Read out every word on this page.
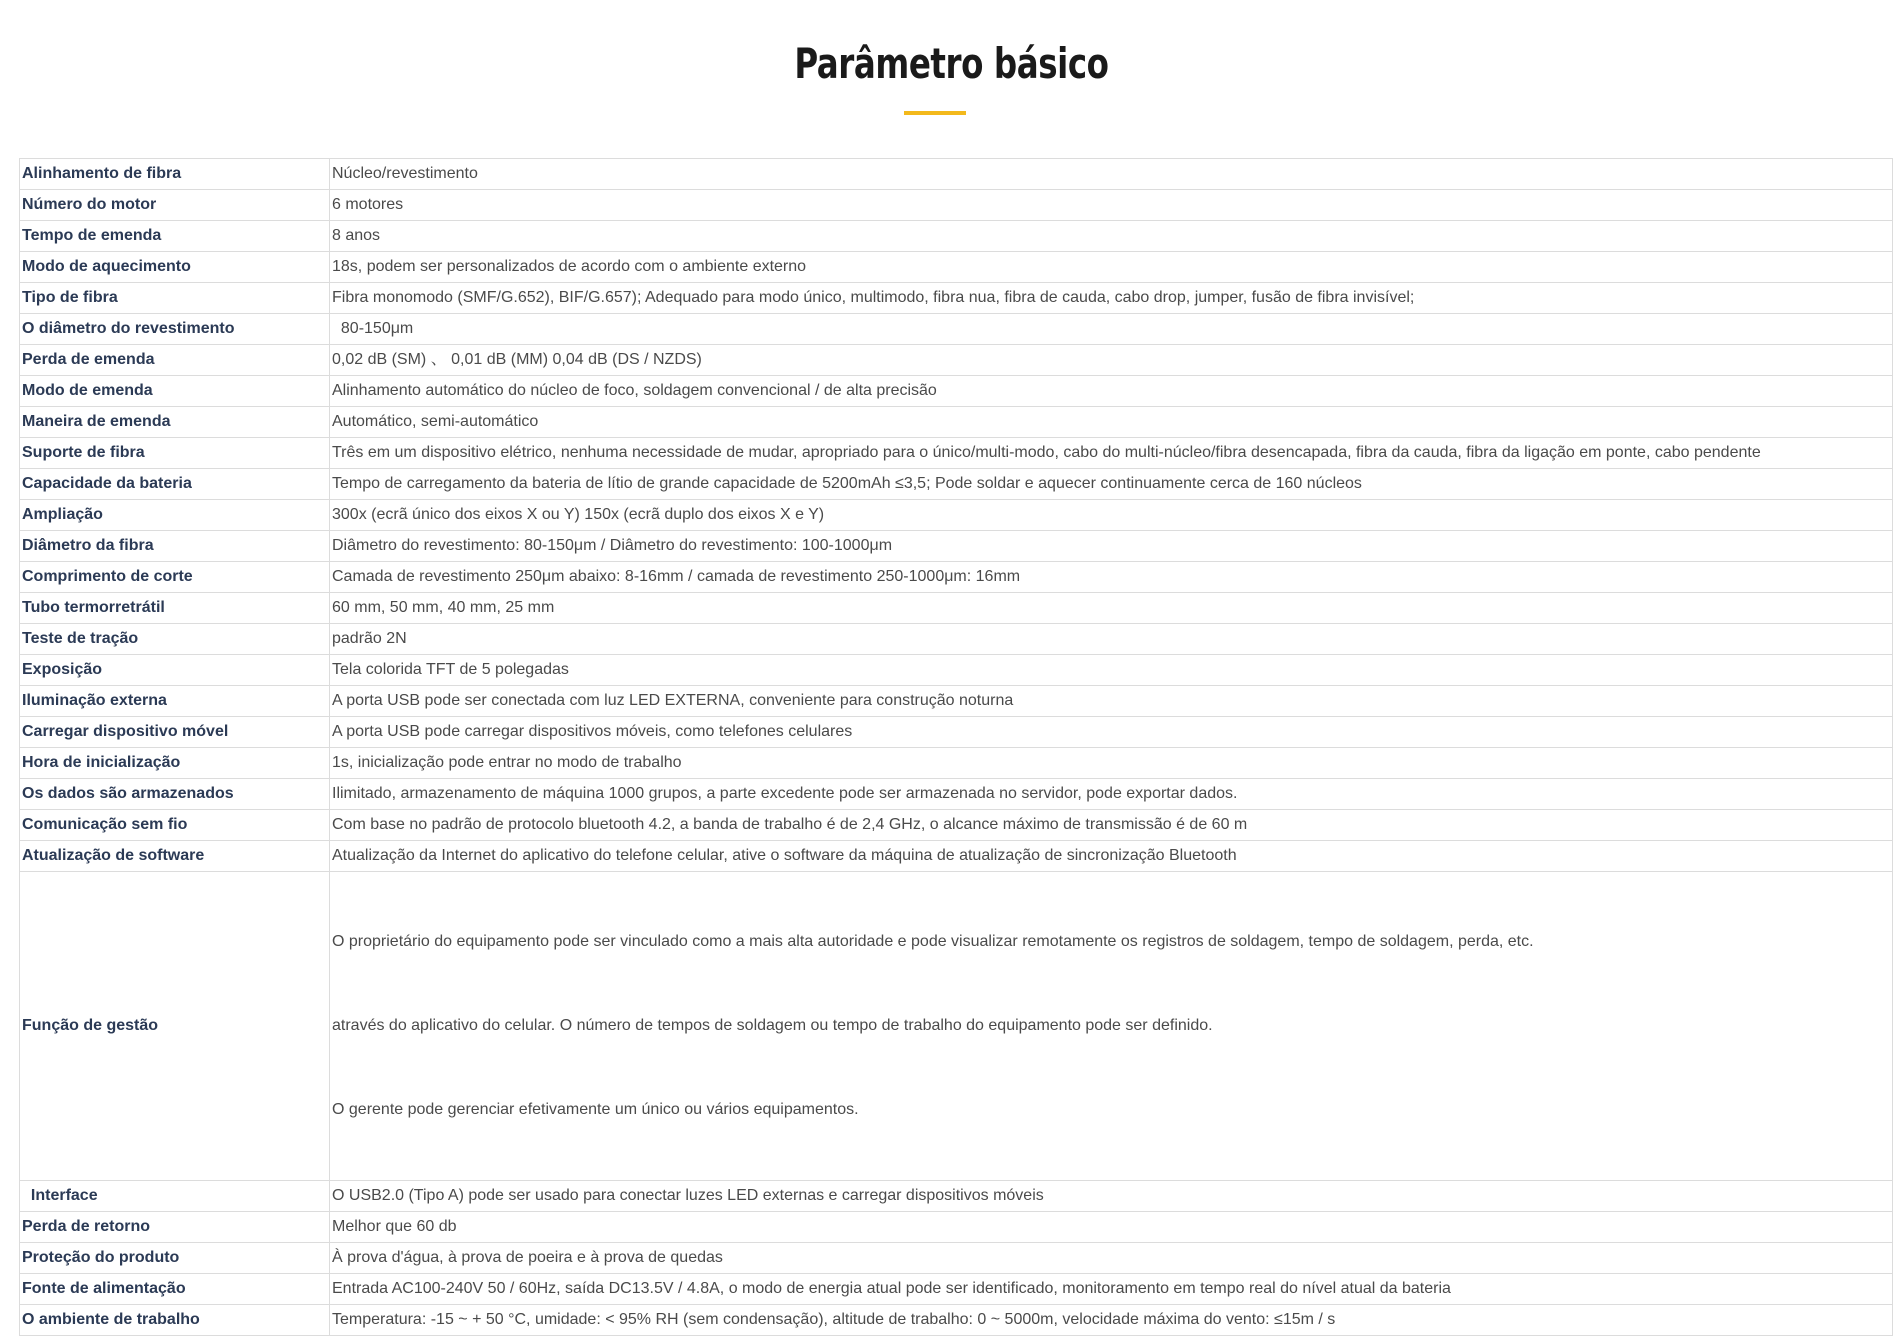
Parâmetro básico
Alinhamento de fibra	Núcleo/revestimento
Número do motor	6 motores
Tempo de emenda	8 anos
Modo de aquecimento	18s, podem ser personalizados de acordo com o ambiente externo
Tipo de fibra	Fibra monomodo (SMF/G.652), BIF/G.657); Adequado para modo único, multimodo, fibra nua, fibra de cauda, cabo drop, jumper, fusão de fibra invisível;
O diâmetro do revestimento	80-150μm
Perda de emenda	0,02 dB (SM) 、 0,01 dB (MM) 0,04 dB (DS / NZDS)
Modo de emenda	Alinhamento automático do núcleo de foco, soldagem convencional / de alta precisão
Maneira de emenda	Automático, semi-automático
Suporte de fibra	Três em um dispositivo elétrico, nenhuma necessidade de mudar, apropriado para o único/multi-modo, cabo do multi-núcleo/fibra desencapada, fibra da cauda, fibra da ligação em ponte, cabo pendente
Capacidade da bateria	Tempo de carregamento da bateria de lítio de grande capacidade de 5200mAh ≤3,5; Pode soldar e aquecer continuamente cerca de 160 núcleos
Ampliação	300x (ecrã único dos eixos X ou Y) 150x (ecrã duplo dos eixos X e Y)
Diâmetro da fibra	Diâmetro do revestimento: 80-150μm / Diâmetro do revestimento: 100-1000μm
Comprimento de corte	Camada de revestimento 250μm abaixo: 8-16mm / camada de revestimento 250-1000μm: 16mm
Tubo termorretrátil	60 mm, 50 mm, 40 mm, 25 mm
Teste de tração	padrão 2N
Exposição	Tela colorida TFT de 5 polegadas
Iluminação externa	A porta USB pode ser conectada com luz LED EXTERNA, conveniente para construção noturna
Carregar dispositivo móvel	A porta USB pode carregar dispositivos móveis, como telefones celulares
Hora de inicialização	1s, inicialização pode entrar no modo de trabalho
Os dados são armazenados	Ilimitado, armazenamento de máquina 1000 grupos, a parte excedente pode ser armazenada no servidor, pode exportar dados.
Comunicação sem fio	Com base no padrão de protocolo bluetooth 4.2, a banda de trabalho é de 2,4 GHz, o alcance máximo de transmissão é de 60 m
Atualização de software	Atualização da Internet do aplicativo do telefone celular, ative o software da máquina de atualização de sincronização Bluetooth
Função de gestão	O proprietário do equipamento pode ser vinculado como a mais alta autoridade e pode visualizar remotamente os registros de soldagem, tempo de soldagem, perda, etc.

através do aplicativo do celular. O número de tempos de soldagem ou tempo de trabalho do equipamento pode ser definido.

O gerente pode gerenciar efetivamente um único ou vários equipamentos.

Interface	O USB2.0 (Tipo A) pode ser usado para conectar luzes LED externas e carregar dispositivos móveis
Perda de retorno	Melhor que 60 db
Proteção do produto	À prova d'água, à prova de poeira e à prova de quedas
Fonte de alimentação	Entrada AC100-240V 50 / 60Hz, saída DC13.5V / 4.8A, o modo de energia atual pode ser identificado, monitoramento em tempo real do nível atual da bateria
O ambiente de trabalho	Temperatura: -15 ~ + 50 °C, umidade: < 95% RH (sem condensação), altitude de trabalho: 0 ~ 5000m, velocidade máxima do vento: ≤15m / s
